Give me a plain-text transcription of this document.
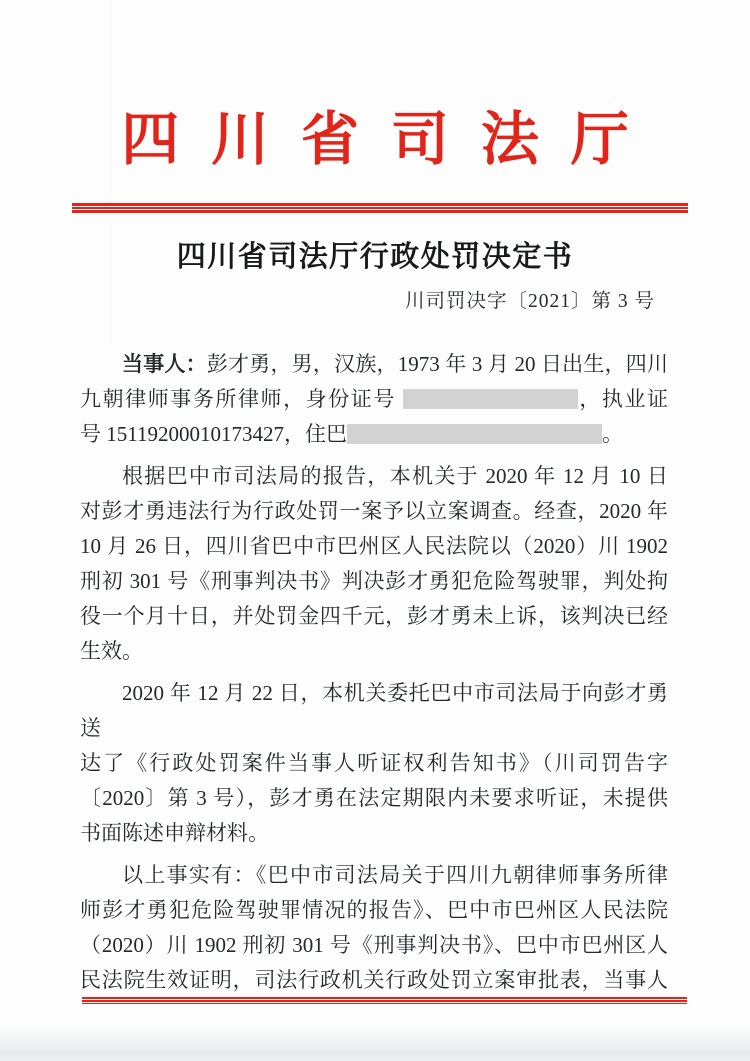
四川省司法厅
四川省司法厅行政处罚决定书
川司罚决字〔2021〕第 3 号
当事人：彭才勇，男，汉族，1973 年 3 月 20 日出生，四川
九朝律师事务所律师，身份证号	，执业证
号 15119200010173427，住巴	。
根据巴中市司法局的报告，本机关于 2020 年 12 月 10 日
对彭才勇违法行为行政处罚一案予以立案调查。经查，2020 年
10 月 26 日，四川省巴中市巴州区人民法院以（2020）川 1902
刑初 301 号《刑事判决书》判决彭才勇犯危险驾驶罪，判处拘
役一个月十日，并处罚金四千元，彭才勇未上诉，该判决已经
生效。
2020 年 12 月 22 日，本机关委托巴中市司法局于向彭才勇送
达了《行政处罚案件当事人听证权利告知书》（川司罚告字
〔2020〕第 3 号），彭才勇在法定期限内未要求听证，未提供
书面陈述申辩材料。
以上事实有：《巴中市司法局关于四川九朝律师事务所律
师彭才勇犯危险驾驶罪情况的报告》、巴中市巴州区人民法院
（2020）川 1902 刑初 301 号《刑事判决书》、巴中市巴州区人
民法院生效证明，司法行政机关行政处罚立案审批表，当事人
